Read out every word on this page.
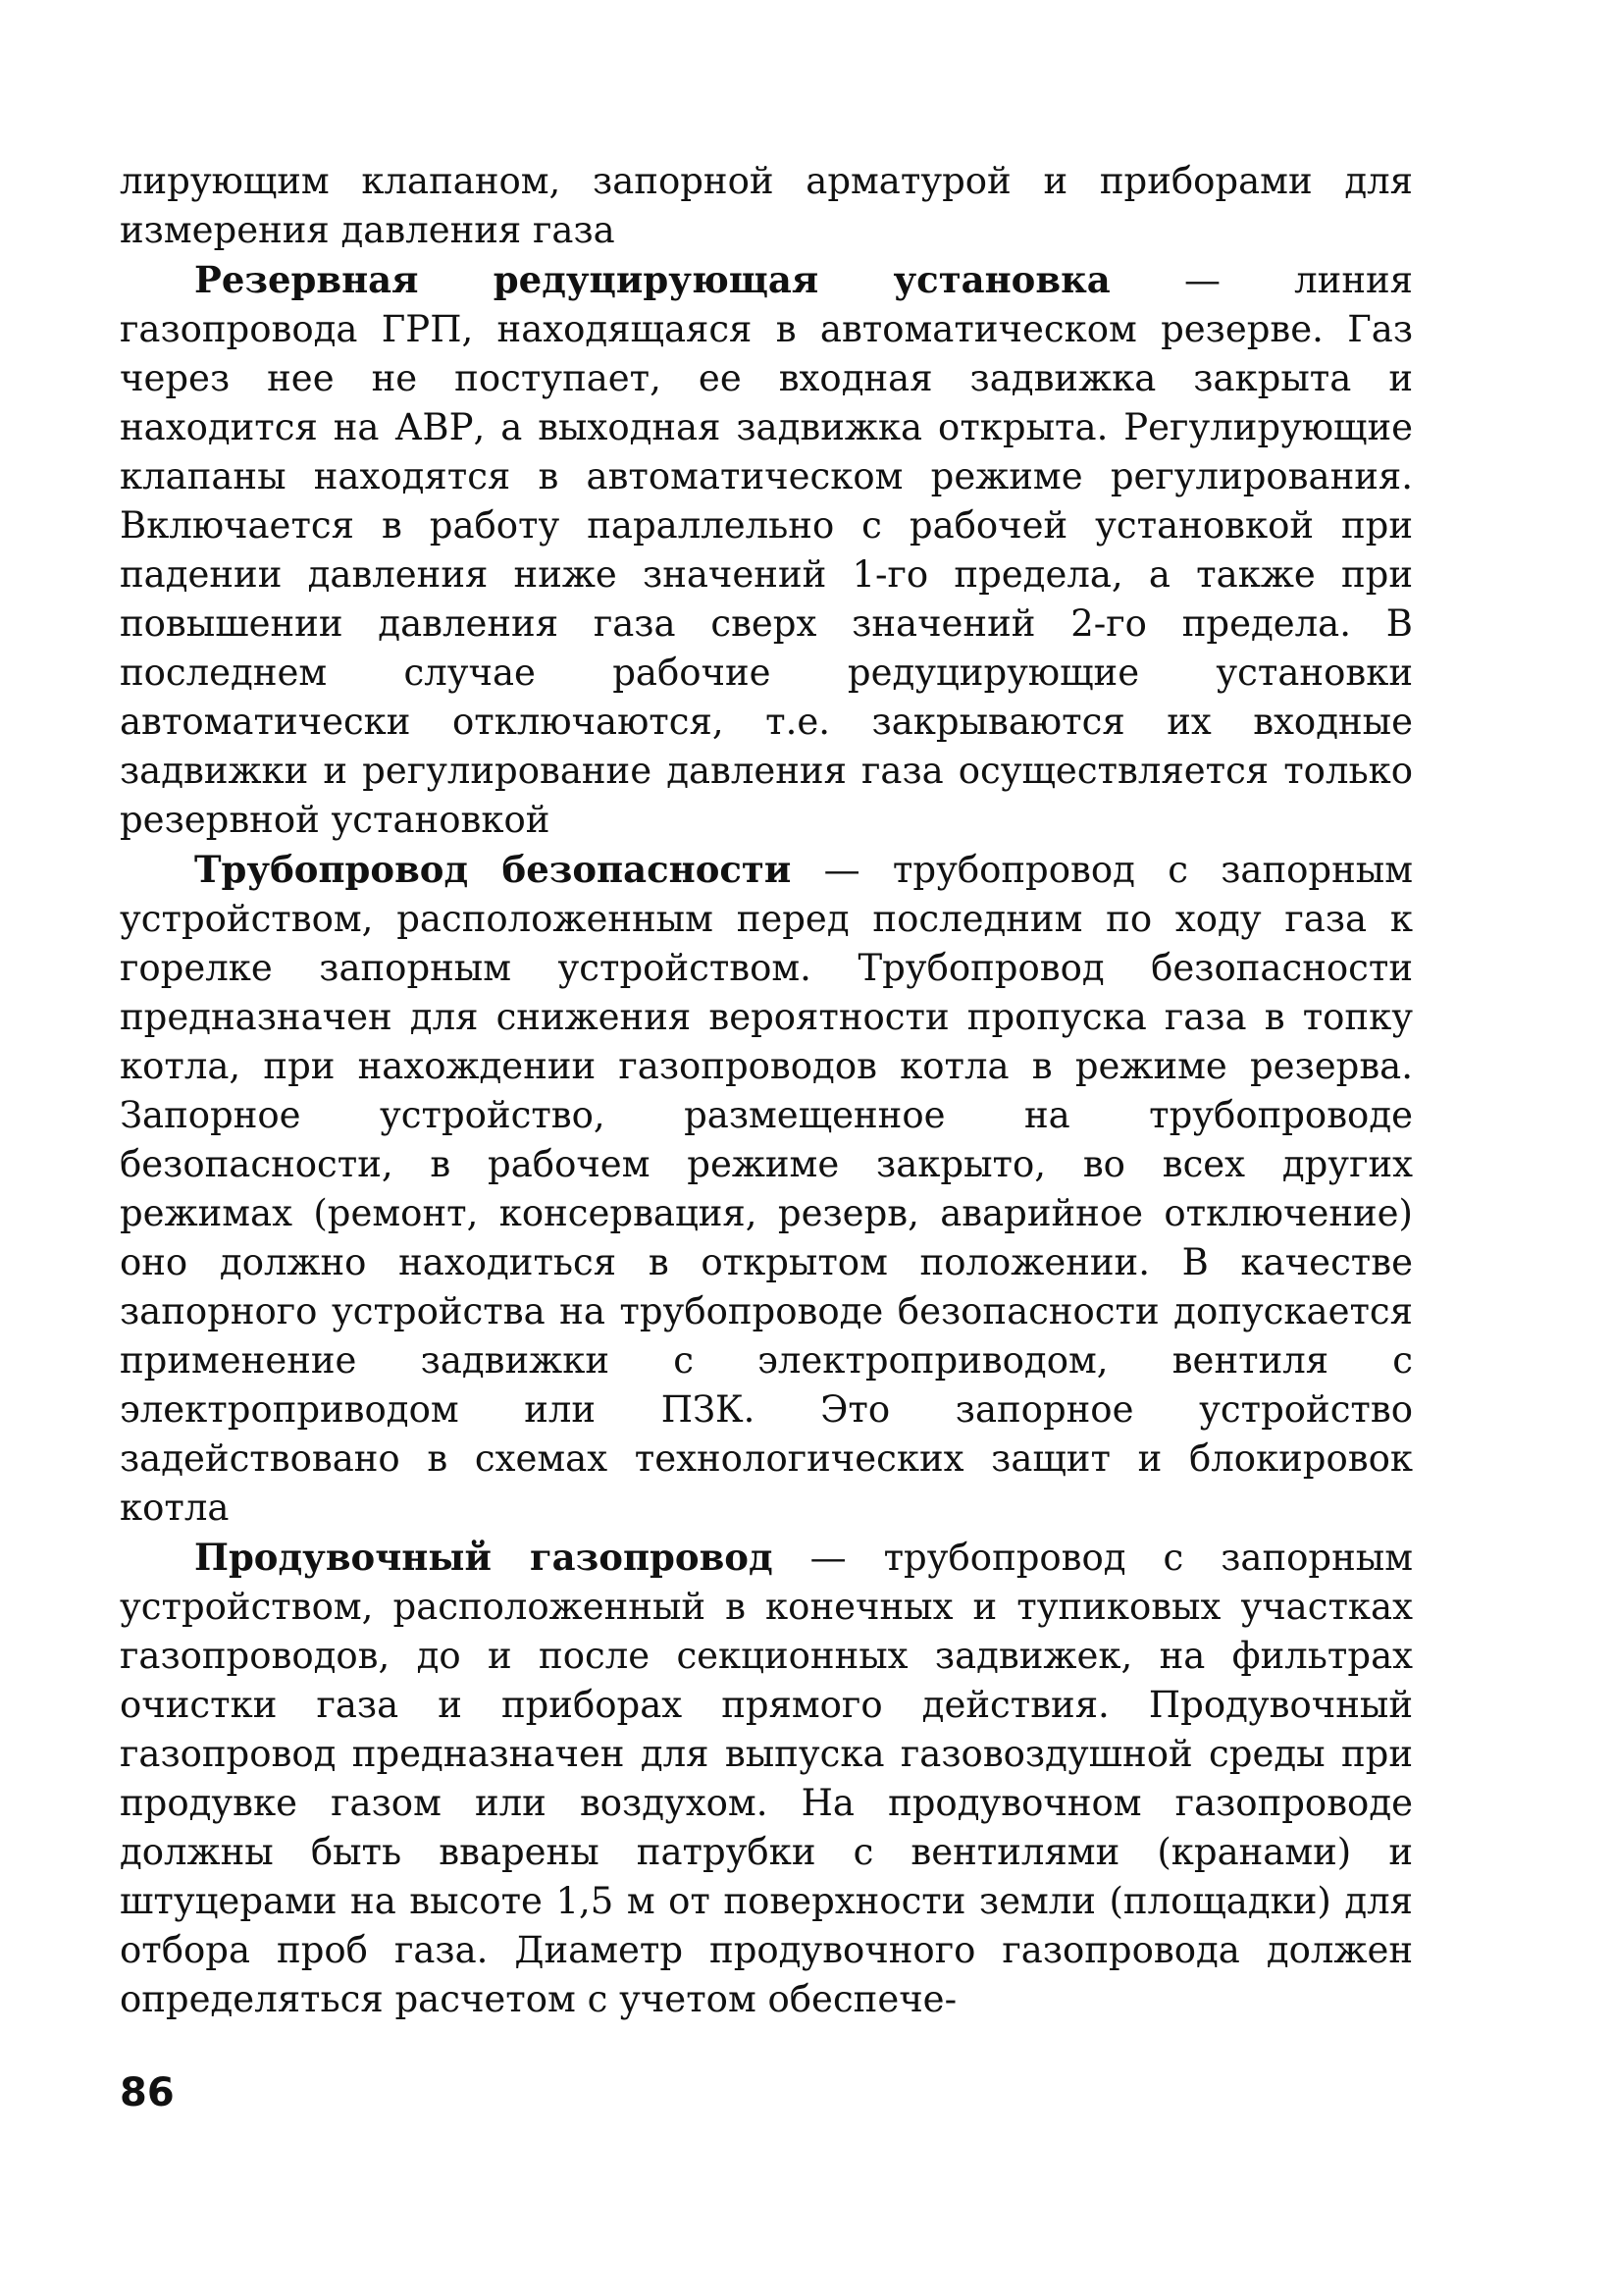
лирующим клапаном, запорной арматурой и приборами для измерения давления газа

Резервная редуцирующая установка — линия газопровода ГРП, находящаяся в автоматическом резерве. Газ через нее не поступает, ее входная задвижка закрыта и находится на АВР, а выходная задвижка открыта. Регулирующие клапаны находятся в автоматическом режиме регулирования. Включается в работу параллельно с рабочей установкой при падении давления ниже значений 1-го предела, а также при повышении давления газа сверх значений 2-го предела. В последнем случае рабочие редуцирующие установки автоматически отключаются, т.е. закрываются их входные задвижки и регулирование давления газа осуществляется только резервной установкой

Трубопровод безопасности — трубопровод с запорным устройством, расположенным перед последним по ходу газа к горелке запорным устройством. Трубопровод безопасности предназначен для снижения вероятности пропуска газа в топку котла, при нахождении газопроводов котла в режиме резерва. Запорное устройство, размещенное на трубопроводе безопасности, в рабочем режиме закрыто, во всех других режимах (ремонт, консервация, резерв, аварийное отключение) оно должно находиться в открытом положении. В качестве запорного устройства на трубопроводе безопасности допускается применение задвижки с электроприводом, вентиля с электроприводом или ПЗК. Это запорное устройство задействовано в схемах технологических защит и блокировок котла

Продувочный газопровод — трубопровод с запорным устройством, расположенный в конечных и тупиковых участках газопроводов, до и после секционных задвижек, на фильтрах очистки газа и приборах прямого действия. Продувочный газопровод предназначен для выпуска газовоздушной среды при продувке газом или воздухом. На продувочном газопроводе должны быть вварены патрубки с вентилями (кранами) и штуцерами на высоте 1,5 м от поверхности земли (площадки) для отбора проб газа. Диаметр продувочного газопровода должен определяться расчетом с учетом обеспече-

86
